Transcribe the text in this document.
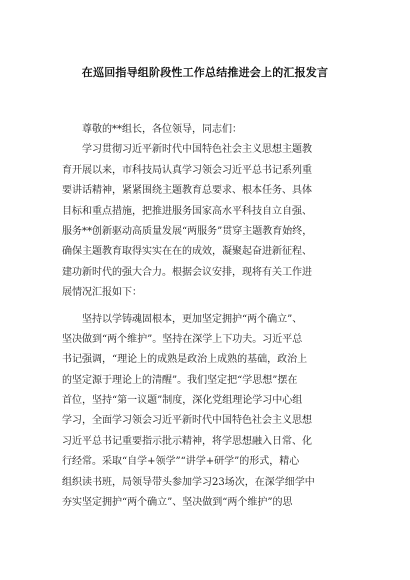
在巡回指导组阶段性工作总结推进会上的汇报发言

尊敬的**组长，各位领导，同志们：

学习贯彻习近平新时代中国特色社会主义思想主题教
育开展以来，市科技局认真学习领会习近平总书记系列重
要讲话精神，紧紧围绕主题教育总要求、根本任务、具体
目标和重点措施，把推进服务国家高水平科技自立自强、
服务**创新驱动高质量发展“两服务”贯穿主题教育始终，
确保主题教育取得实实在在的成效，凝聚起奋进新征程、
建功新时代的强大合力。根据会议安排，现将有关工作进
展情况汇报如下：

坚持以学铸魂固根本，更加坚定拥护“两个确立”、
坚决做到“两个维护”。坚持在深学上下功夫。习近平总
书记强调，“理论上的成熟是政治上成熟的基础，政治上
的坚定源于理论上的清醒”。我们坚定把“学思想”摆在
首位，坚持“第一议题”制度，深化党组理论学习中心组
学习，全面学习领会习近平新时代中国特色社会主义思想
习近平总书记重要指示批示精神，将学思想融入日常、化
行经常。采取“自学+领学”“讲学+研学”的形式，精心
组织读书班，局领导带头参加学习23场次，在深学细学中
夯实坚定拥护“两个确立”、坚决做到“两个维护”的思
